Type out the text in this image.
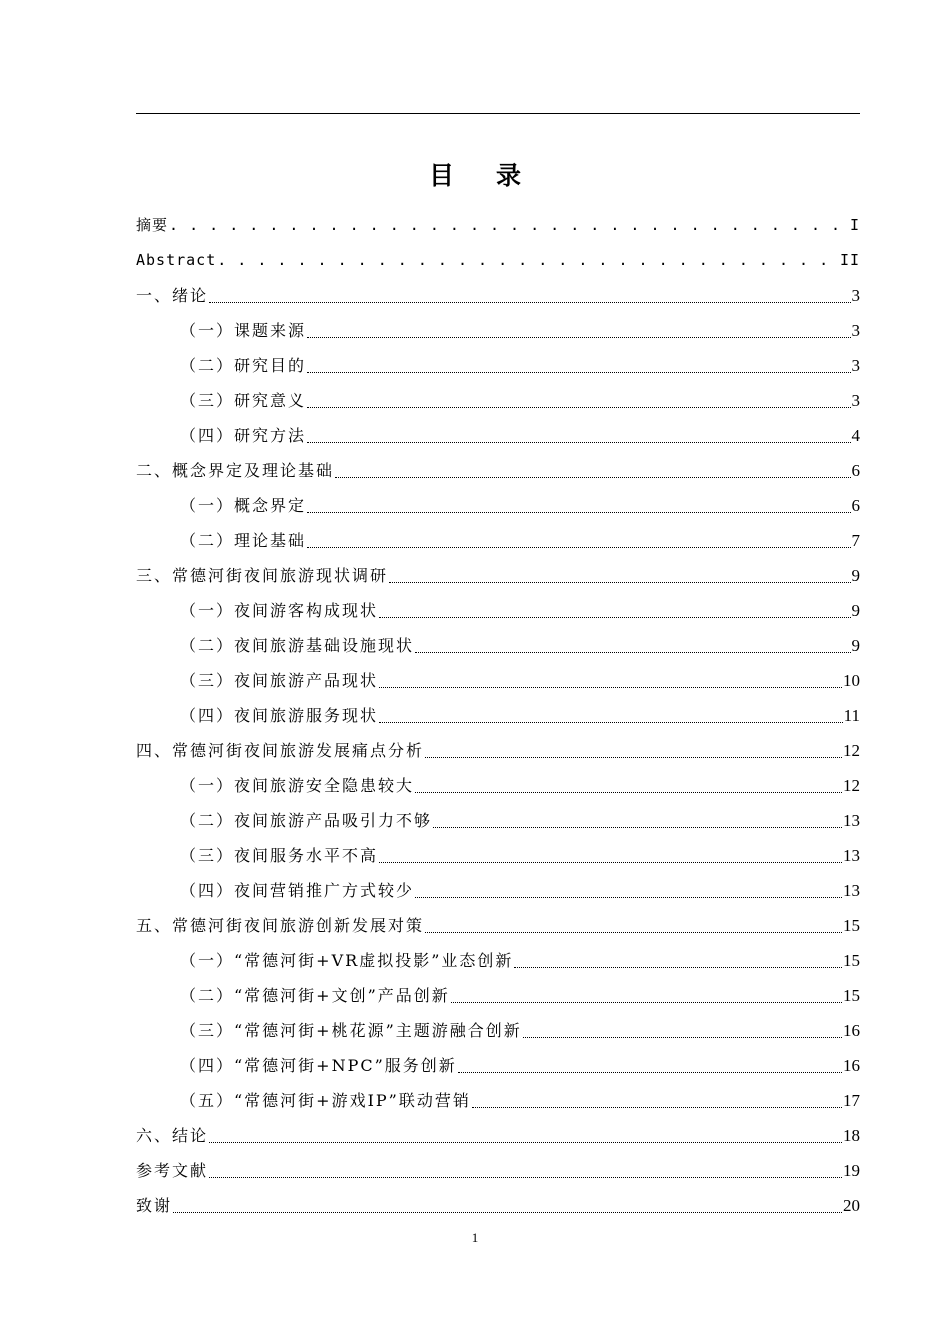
目 录
摘要 . . .	I
Abstract . . .	II
一、绪论	3
（一）课题来源	3
（二）研究目的	3
（三）研究意义	3
（四）研究方法	4
二、概念界定及理论基础	6
（一）概念界定	6
（二）理论基础	7
三、常德河街夜间旅游现状调研	9
（一）夜间游客构成现状	9
（二）夜间旅游基础设施现状	9
（三）夜间旅游产品现状	10
（四）夜间旅游服务现状	11
四、常德河街夜间旅游发展痛点分析	12
（一）夜间旅游安全隐患较大	12
（二）夜间旅游产品吸引力不够	13
（三）夜间服务水平不高	13
（四）夜间营销推广方式较少	13
五、常德河街夜间旅游创新发展对策	15
（一）“常德河街+VR虚拟投影”业态创新	15
（二）“常德河街+文创”产品创新	15
（三）“常德河街+桃花源”主题游融合创新	16
（四）“常德河街+NPC”服务创新	16
（五）“常德河街+游戏IP”联动营销	17
六、结论	18
参考文献	19
致谢	20
1
